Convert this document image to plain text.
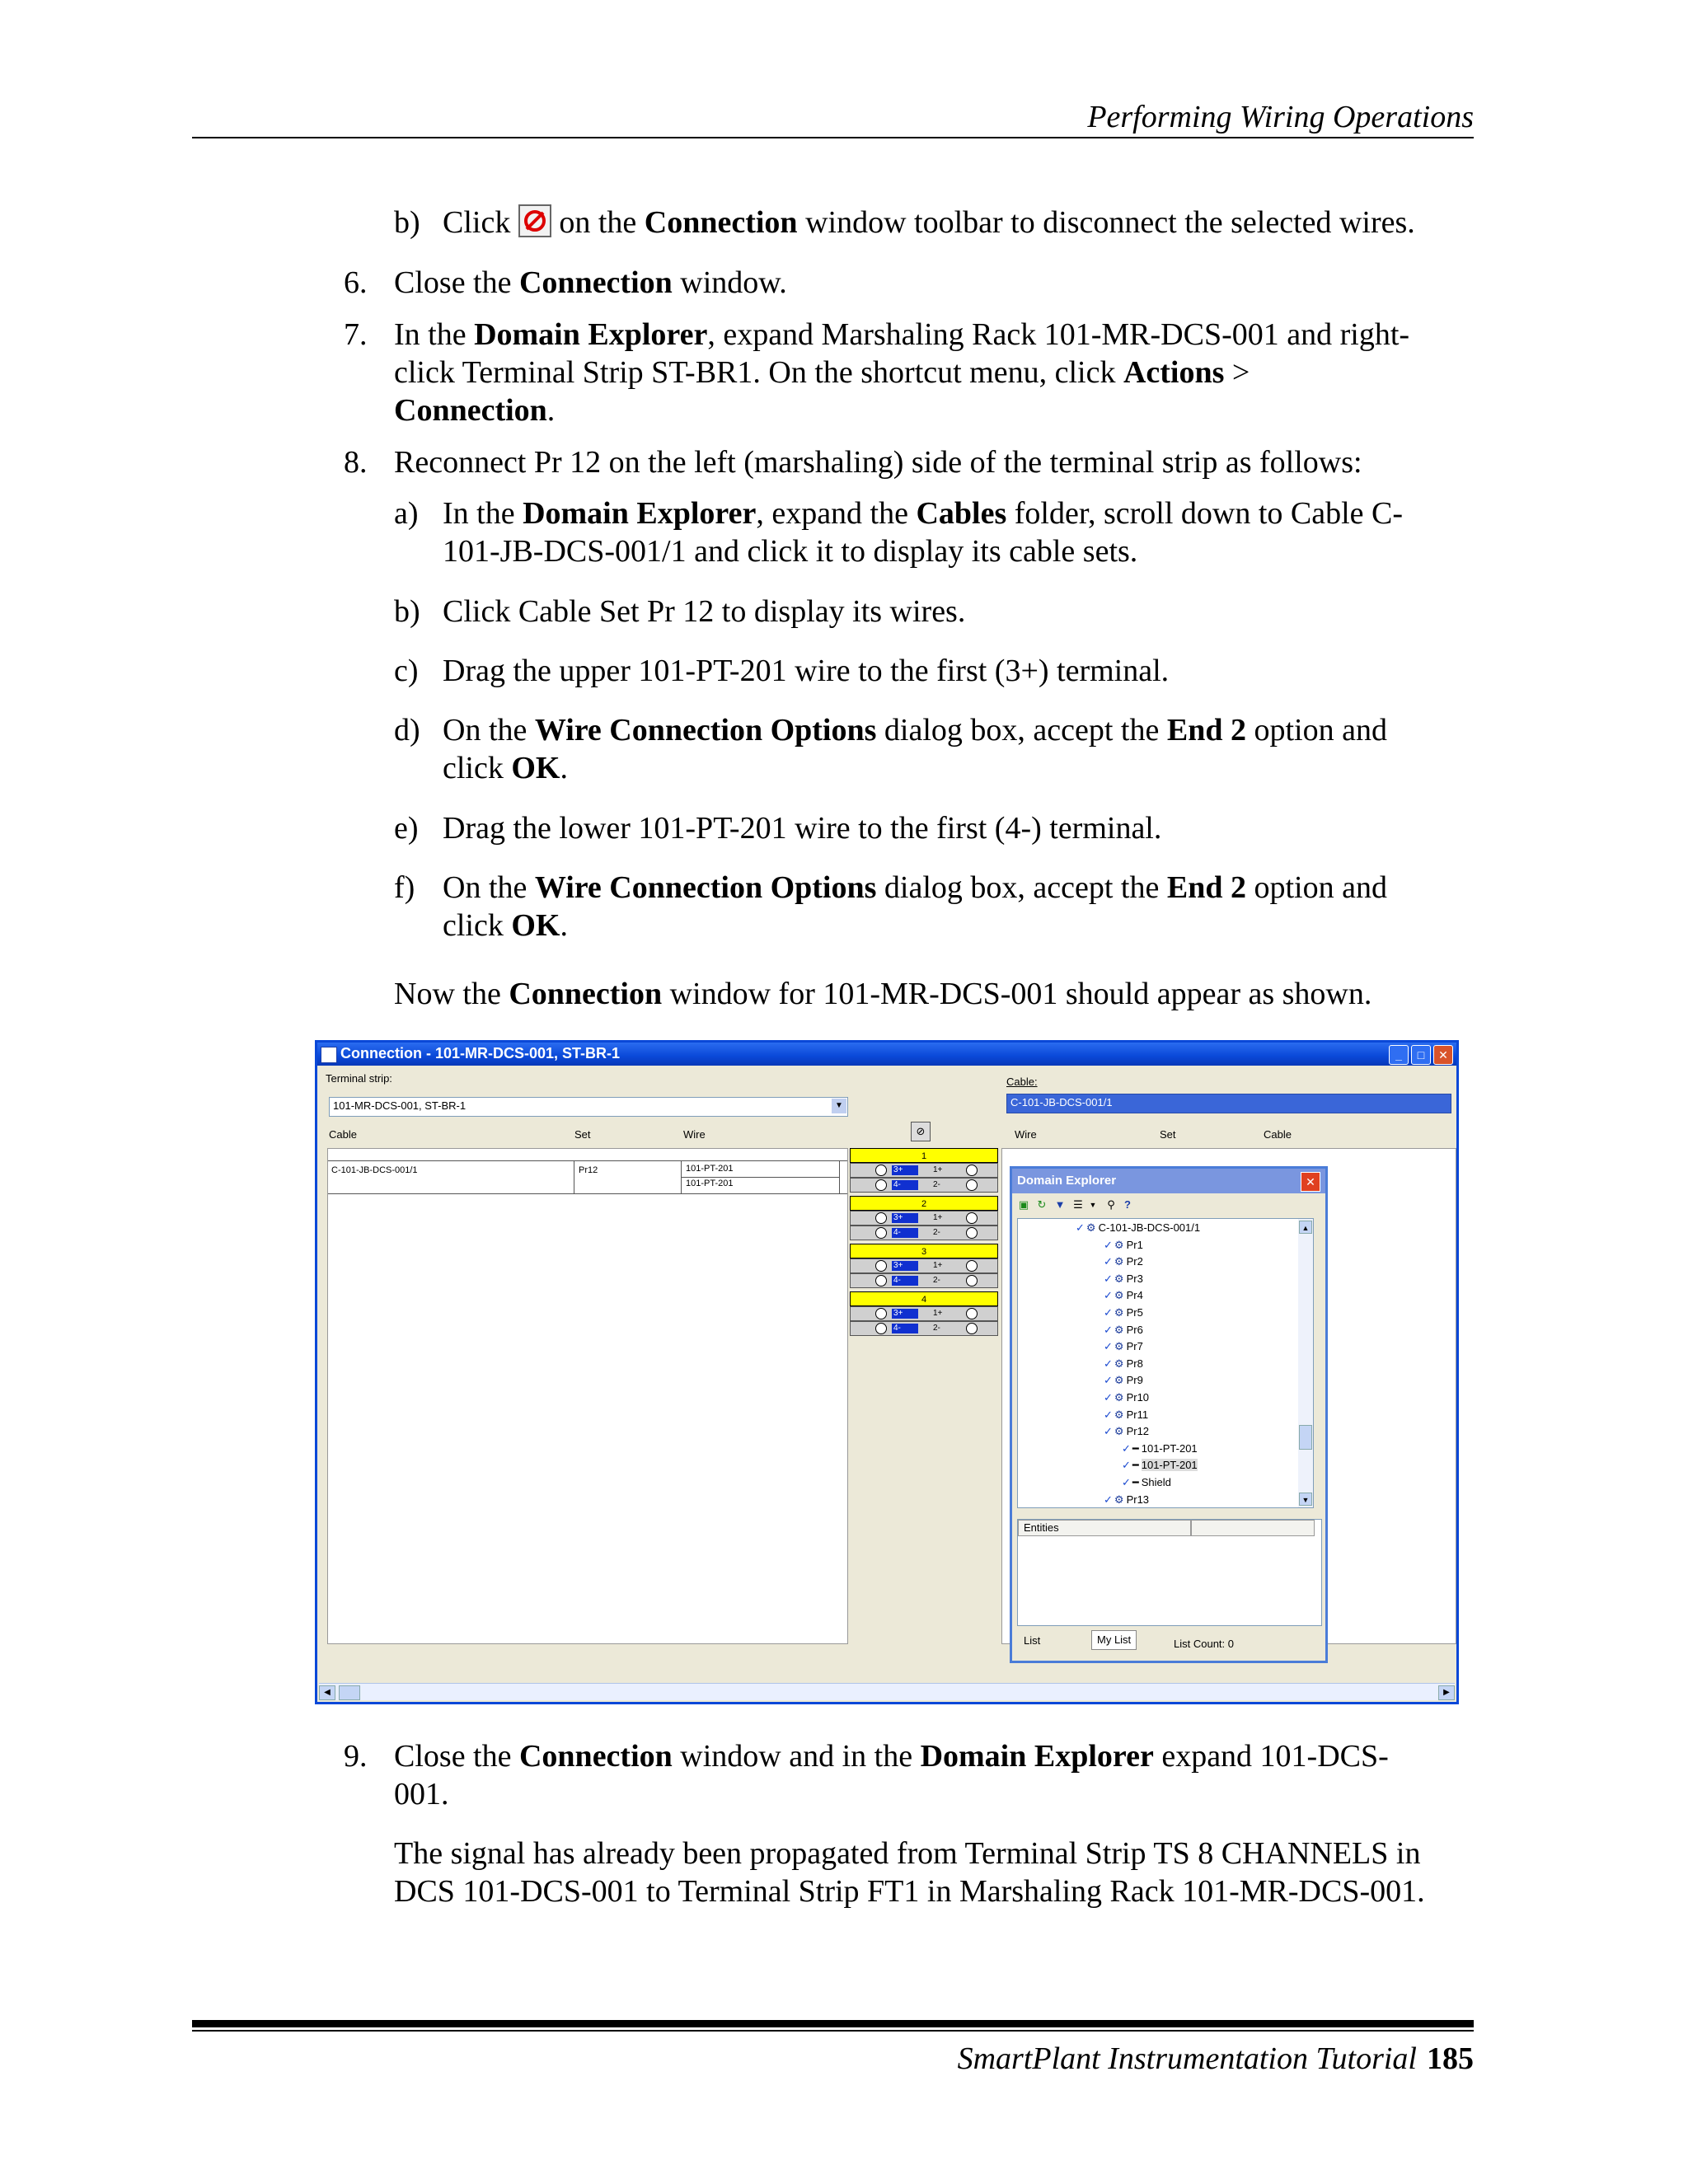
Performing Wiring Operations
b) Click
on the Connection window toolbar to disconnect the selected wires.
6. Close the Connection window.
7. In the Domain Explorer, expand Marshaling Rack 101-MR-DCS-001 and right-
click Terminal Strip ST-BR1. On the shortcut menu, click Actions >
Connection.
8. Reconnect Pr 12 on the left (marshaling) side of the terminal strip as follows:
a) In the Domain Explorer, expand the Cables folder, scroll down to Cable C-
101-JB-DCS-001/1 and click it to display its cable sets.
b) Click Cable Set Pr 12 to display its wires.
c) Drag the upper 101-PT-201 wire to the first (3+) terminal.
d) On the Wire Connection Options dialog box, accept the End 2 option and
click OK.
e) Drag the lower 101-PT-201 wire to the first (4-) terminal.
f) On the Wire Connection Options dialog box, accept the End 2 option and
click OK.
Now the Connection window for 101-MR-DCS-001 should appear as shown.
Connection - 101-MR-DCS-001, ST-BR-1	_	□	✕
Terminal strip:
101-MR-DCS-001, ST-BR-1	▼
Cable:
C-101-JB-DCS-001/1
Cable	Set	Wire	⊘	Wire	Set	Cable
C-101-JB-DCS-001/1	Pr12	101-PT-201
101-PT-201
1
3+	1+
4-	2-
2
3+	1+
4-	2-
3
3+	1+
4-	2-
4
3+	1+
4-	2-
Domain Explorer	✕
▣ ↻ ▼ ☰ ▼ ⚲ ?
▲
▼
✓ ⚙ C-101-JB-DCS-001/1
✓ ⚙ Pr1
✓ ⚙ Pr2
✓ ⚙ Pr3
✓ ⚙ Pr4
✓ ⚙ Pr5
✓ ⚙ Pr6
✓ ⚙ Pr7
✓ ⚙ Pr8
✓ ⚙ Pr9
✓ ⚙ Pr10
✓ ⚙ Pr11
✓ ⚙ Pr12
✓ ━ 101-PT-201
✓ ━ 101-PT-201
✓ ━ Shield
✓ ⚙ Pr13
Entities
List	My List	List Count: 0
◀	▶
9. Close the Connection window and in the Domain Explorer expand 101-DCS-
001.
The signal has already been propagated from Terminal Strip TS 8 CHANNELS in
DCS 101-DCS-001 to Terminal Strip FT1 in Marshaling Rack 101-MR-DCS-001.
SmartPlant Instrumentation Tutorial 185
